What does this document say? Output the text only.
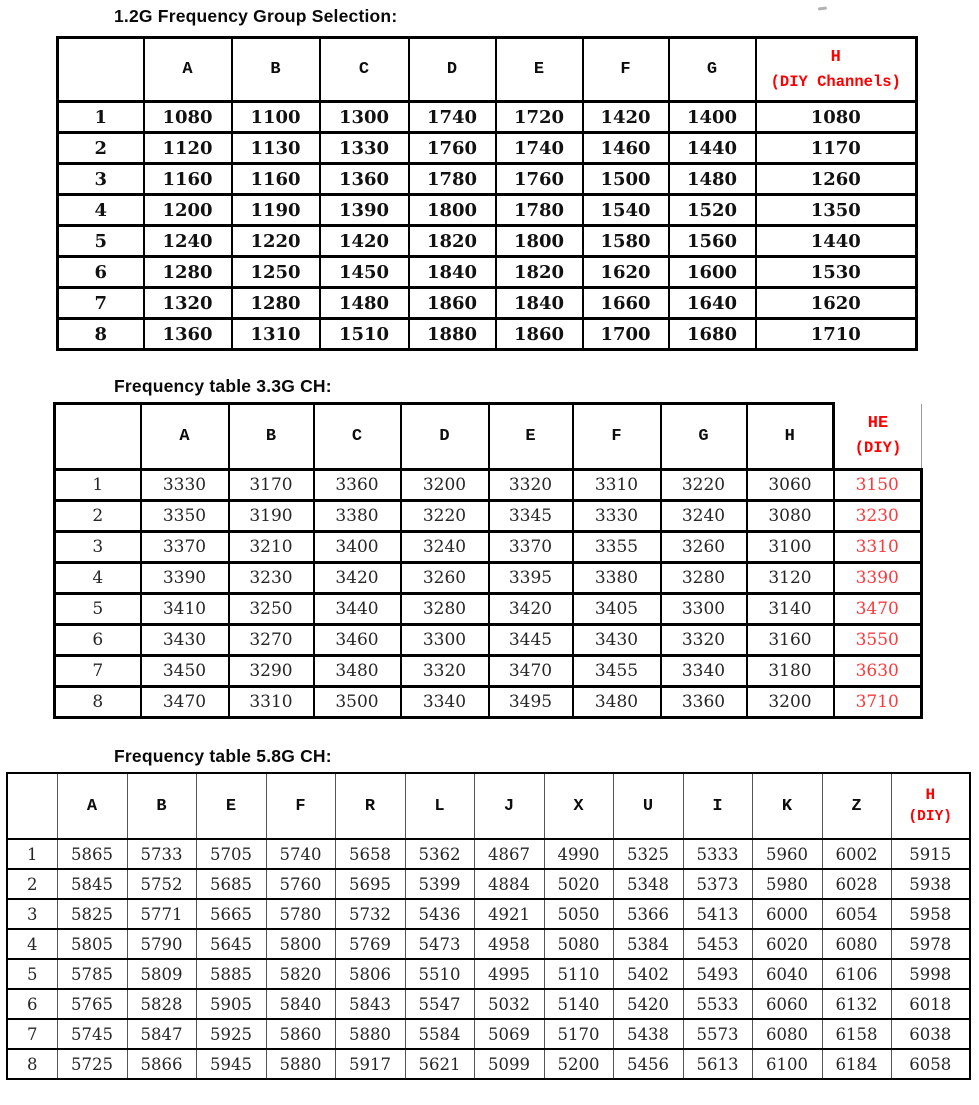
1.2G Frequency Group Selection:
	A	B	C	D	E	F	G	H
(DIY Channels)

1	1080	1100	1300	1740	1720	1420	1400	1080
2	1120	1130	1330	1760	1740	1460	1440	1170
3	1160	1160	1360	1780	1760	1500	1480	1260
4	1200	1190	1390	1800	1780	1540	1520	1350
5	1240	1220	1420	1820	1800	1580	1560	1440
6	1280	1250	1450	1840	1820	1620	1600	1530
7	1320	1280	1480	1860	1840	1660	1640	1620
8	1360	1310	1510	1880	1860	1700	1680	1710
Frequency table 3.3G CH:
	A	B	C	D	E	F	G	H	HE
(DIY)

1	3330	3170	3360	3200	3320	3310	3220	3060	3150
2	3350	3190	3380	3220	3345	3330	3240	3080	3230
3	3370	3210	3400	3240	3370	3355	3260	3100	3310
4	3390	3230	3420	3260	3395	3380	3280	3120	3390
5	3410	3250	3440	3280	3420	3405	3300	3140	3470
6	3430	3270	3460	3300	3445	3430	3320	3160	3550
7	3450	3290	3480	3320	3470	3455	3340	3180	3630
8	3470	3310	3500	3340	3495	3480	3360	3200	3710
Frequency table 5.8G CH:
	A	B	E	F	R	L	J	X	U	I	K	Z	H
(DIY)

1	5865	5733	5705	5740	5658	5362	4867	4990	5325	5333	5960	6002	5915
2	5845	5752	5685	5760	5695	5399	4884	5020	5348	5373	5980	6028	5938
3	5825	5771	5665	5780	5732	5436	4921	5050	5366	5413	6000	6054	5958
4	5805	5790	5645	5800	5769	5473	4958	5080	5384	5453	6020	6080	5978
5	5785	5809	5885	5820	5806	5510	4995	5110	5402	5493	6040	6106	5998
6	5765	5828	5905	5840	5843	5547	5032	5140	5420	5533	6060	6132	6018
7	5745	5847	5925	5860	5880	5584	5069	5170	5438	5573	6080	6158	6038
8	5725	5866	5945	5880	5917	5621	5099	5200	5456	5613	6100	6184	6058
